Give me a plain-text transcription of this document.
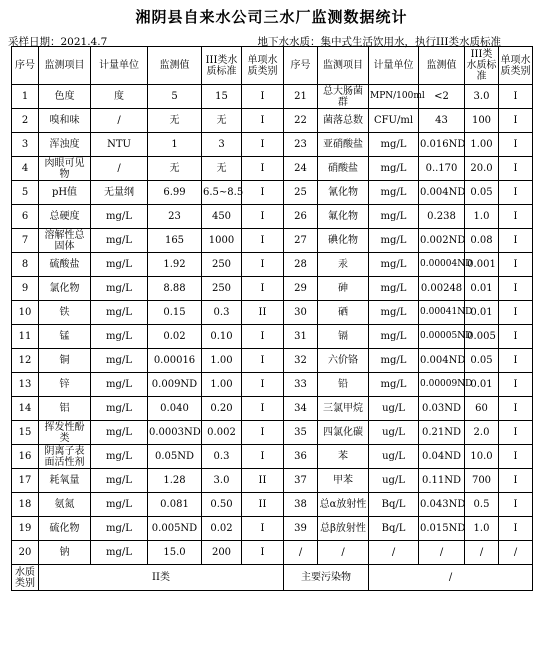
湘阴县自来水公司三水厂监测数据统计
采样日期：2021.4.7	地下水水质：集中式生活饮用水，执行III类水质标准
序号	监测项目	计量单位	监测值	III类水质标准	单项水质类别	序号	监测项目	计量单位	监测值	III类水质标准	单项水质类别
1	色度	度	5	15	I	21	总大肠菌群	MPN/100ml	<2	3.0	I
2	嗅和味	/	无	无	I	22	菌落总数	CFU/ml	43	100	I
3	浑浊度	NTU	1	3	I	23	亚硝酸盐	mg/L	0.016ND	1.00	I
4	肉眼可见物	/	无	无	I	24	硝酸盐	mg/L	0..170	20.0	I
5	pH值	无量纲	6.99	6.5~8.5	I	25	氰化物	mg/L	0.004ND	0.05	I
6	总硬度	mg/L	23	450	I	26	氟化物	mg/L	0.238	1.0	I
7	溶解性总固体	mg/L	165	1000	I	27	碘化物	mg/L	0.002ND	0.08	I
8	硫酸盐	mg/L	1.92	250	I	28	汞	mg/L	0.00004ND	0.001	I
9	氯化物	mg/L	8.88	250	I	29	砷	mg/L	0.00248	0.01	I
10	铁	mg/L	0.15	0.3	II	30	硒	mg/L	0.00041ND	0.01	I
11	锰	mg/L	0.02	0.10	I	31	镉	mg/L	0.00005ND	0.005	I
12	铜	mg/L	0.00016	1.00	I	32	六价铬	mg/L	0.004ND	0.05	I
13	锌	mg/L	0.009ND	1.00	I	33	铅	mg/L	0.00009ND	0.01	I
14	铝	mg/L	0.040	0.20	I	34	三氯甲烷	ug/L	0.03ND	60	I
15	挥发性酚类	mg/L	0.0003ND	0.002	I	35	四氯化碳	ug/L	0.21ND	2.0	I
16	阴离子表面活性剂	mg/L	0.05ND	0.3	I	36	苯	ug/L	0.04ND	10.0	I
17	耗氧量	mg/L	1.28	3.0	II	37	甲苯	ug/L	0.11ND	700	I
18	氨氮	mg/L	0.081	0.50	II	38	总α放射性	Bq/L	0.043ND	0.5	I
19	硫化物	mg/L	0.005ND	0.02	I	39	总β放射性	Bq/L	0.015ND	1.0	I
20	钠	mg/L	15.0	200	I	/	/	/	/	/	/
水质类别	II类					主要污染物		/			
